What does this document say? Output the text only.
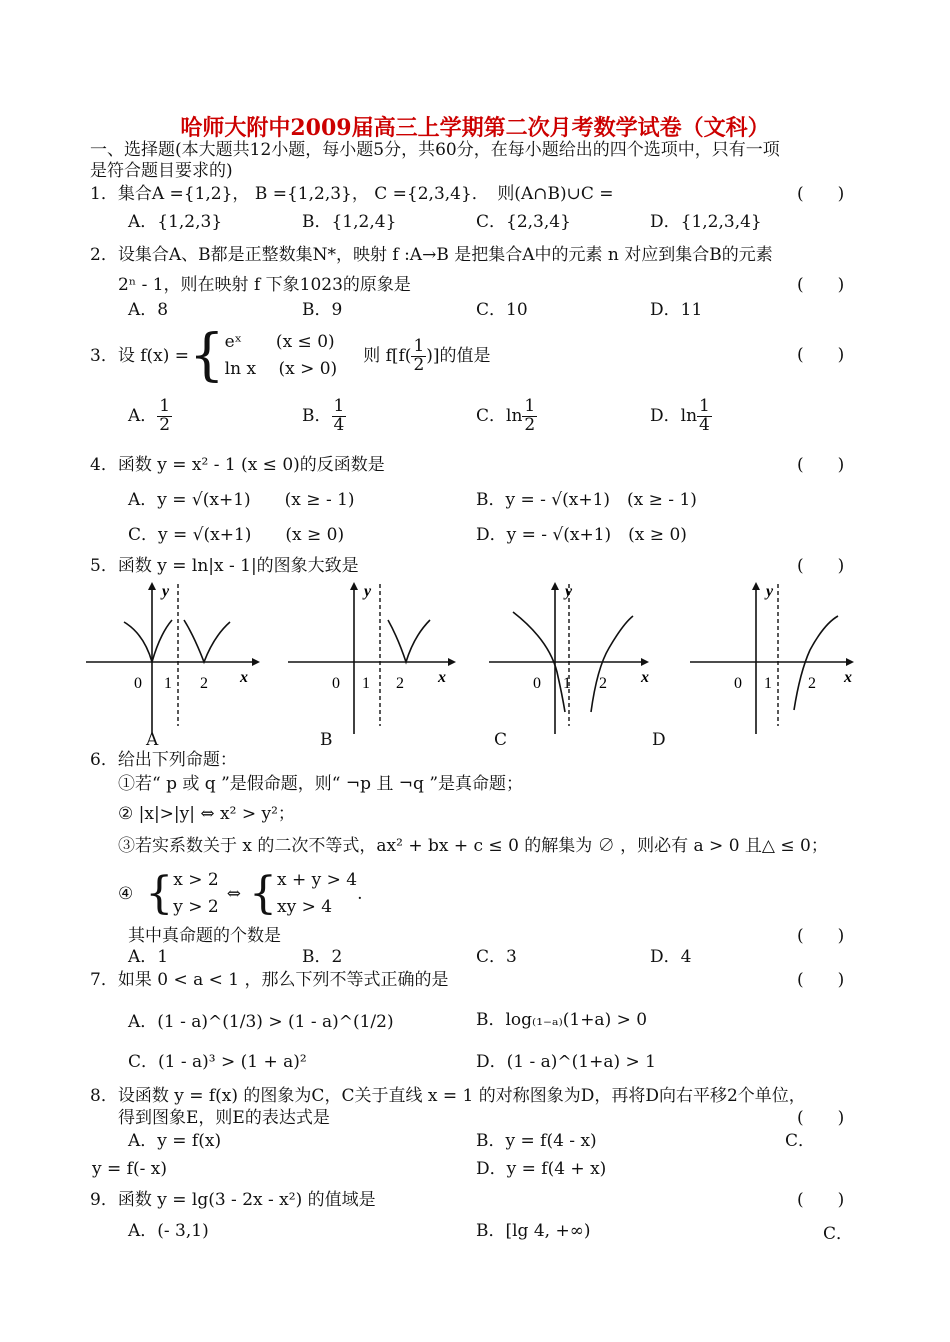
哈师大附中2009届高三上学期第二次月考数学试卷（文科）
一、选择题(本大题共12小题，每小题5分，共60分，在每小题给出的四个选项中，只有一项
是符合题目要求的)
1．集合A ={1,2}， B ={1,2,3}， C ={2,3,4}．　 则(A∩B)∪C =	(　　)
A．{1,2,3}	B．{1,2,4}	C．{2,3,4}	D．{1,2,3,4}
2．设集合A、B都是正整数集N*，映射 f :A→B 是把集合A中的元素 n 对应到集合B的元素
2ⁿ - 1，则在映射 f 下象1023的原象是	(　　)
A．8	B．9	C．10	D．11
3． 设 f(x) = { eˣ　　(x ≤ 0)
ln x　 (x > 0)
则 $f[f( \frac{1}{2}$ )]的值是	(　　)
A． $\frac{1}{2}$	B． $\frac{1}{4}$	C． $\ln \frac{1}{2}$	D． $\ln \frac{1}{4}$
4．函数 y = x² - 1 (x ≤ 0)的反函数是	(　　)
A．y = √(x+1)　　(x ≥ - 1)	B．y = - √(x+1)　(x ≥ - 1)
C．y = √(x+1)　　(x ≥ 0)	D．y = - √(x+1)　(x ≥ 0)
5．函数 y = ln|x - 1|的图象大致是	(　　)
y
x
0 1 2
y
x
0 1 2
y
x
0 1 2
y
x
0 1 2
A	B	C	D
6．给出下列命题：
①若“ p 或 q ”是假命题，则“ ¬p 且 ¬q ”是真命题；
② |x|>|y| ⇔ x² > y²；
③若实系数关于 x 的二次不等式，ax² + bx + c ≤ 0 的解集为 ∅ ，则必有 a > 0 且△ ≤ 0；
④ { x > 2
y > 2
⇔ { x + y > 4
xy > 4
.
其中真命题的个数是	(　　)
A．1	B．2	C．3	D．4
7．如果 0 < a < 1 ，那么下列不等式正确的是	(　　)
A．(1 - a)^(1/3) > (1 - a)^(1/2)	B．log₍₁₋ₐ₎(1+a) > 0
C．(1 - a)³ > (1 + a)²	D．(1 - a)^(1+a) > 1
8．设函数 y = f(x) 的图象为C，C关于直线 x = 1 的对称图象为D，再将D向右平移2个单位，
得到图象E，则E的表达式是	(　　)
A．y = f(x)	B．y = f(4 - x)	C．
y = f(- x)	D．y = f(4 + x)
9．函数 y = lg(3 - 2x - x²) 的值域是	(　　)
A．(- 3,1)	B．[lg 4, +∞)	C．
